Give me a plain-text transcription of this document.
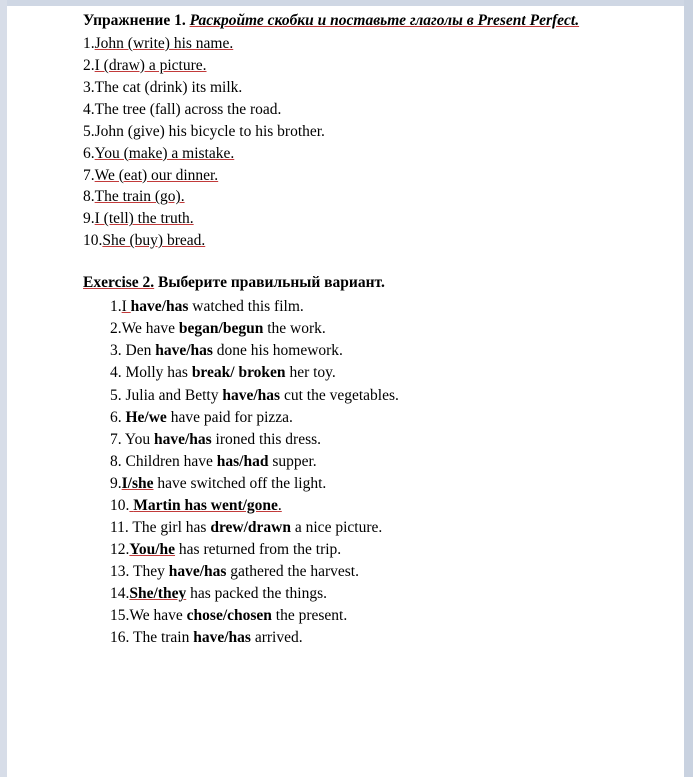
Упражнение 1. Раскройте скобки и поставьте глаголы в Present Perfect.
1.John (write) his name.
2.I (draw) a picture.
3.The cat (drink) its milk.
4.The tree (fall) across the road.
5.John (give) his bicycle to his brother.
6.You (make) a mistake.
7.We (eat) our dinner.
8.The train (go).
9.I (tell) the truth.
10.She (buy) bread.
Exercise 2. Выберите правильный вариант.
1.I have/has watched this film.
2.We have began/begun the work.
3. Den have/has done his homework.
4. Molly has break/ broken her toy.
5. Julia and Betty have/has cut the vegetables.
6. He/we have paid for pizza.
7. You have/has ironed this dress.
8. Children have has/had supper.
9.I/she have switched off the light.
10. Martin has went/gone.
11. The girl has drew/drawn a nice picture.
12.You/he has returned from the trip.
13. They have/has gathered the harvest.
14.She/they has packed the things.
15.We have chose/chosen the present.
16. The train have/has arrived.
